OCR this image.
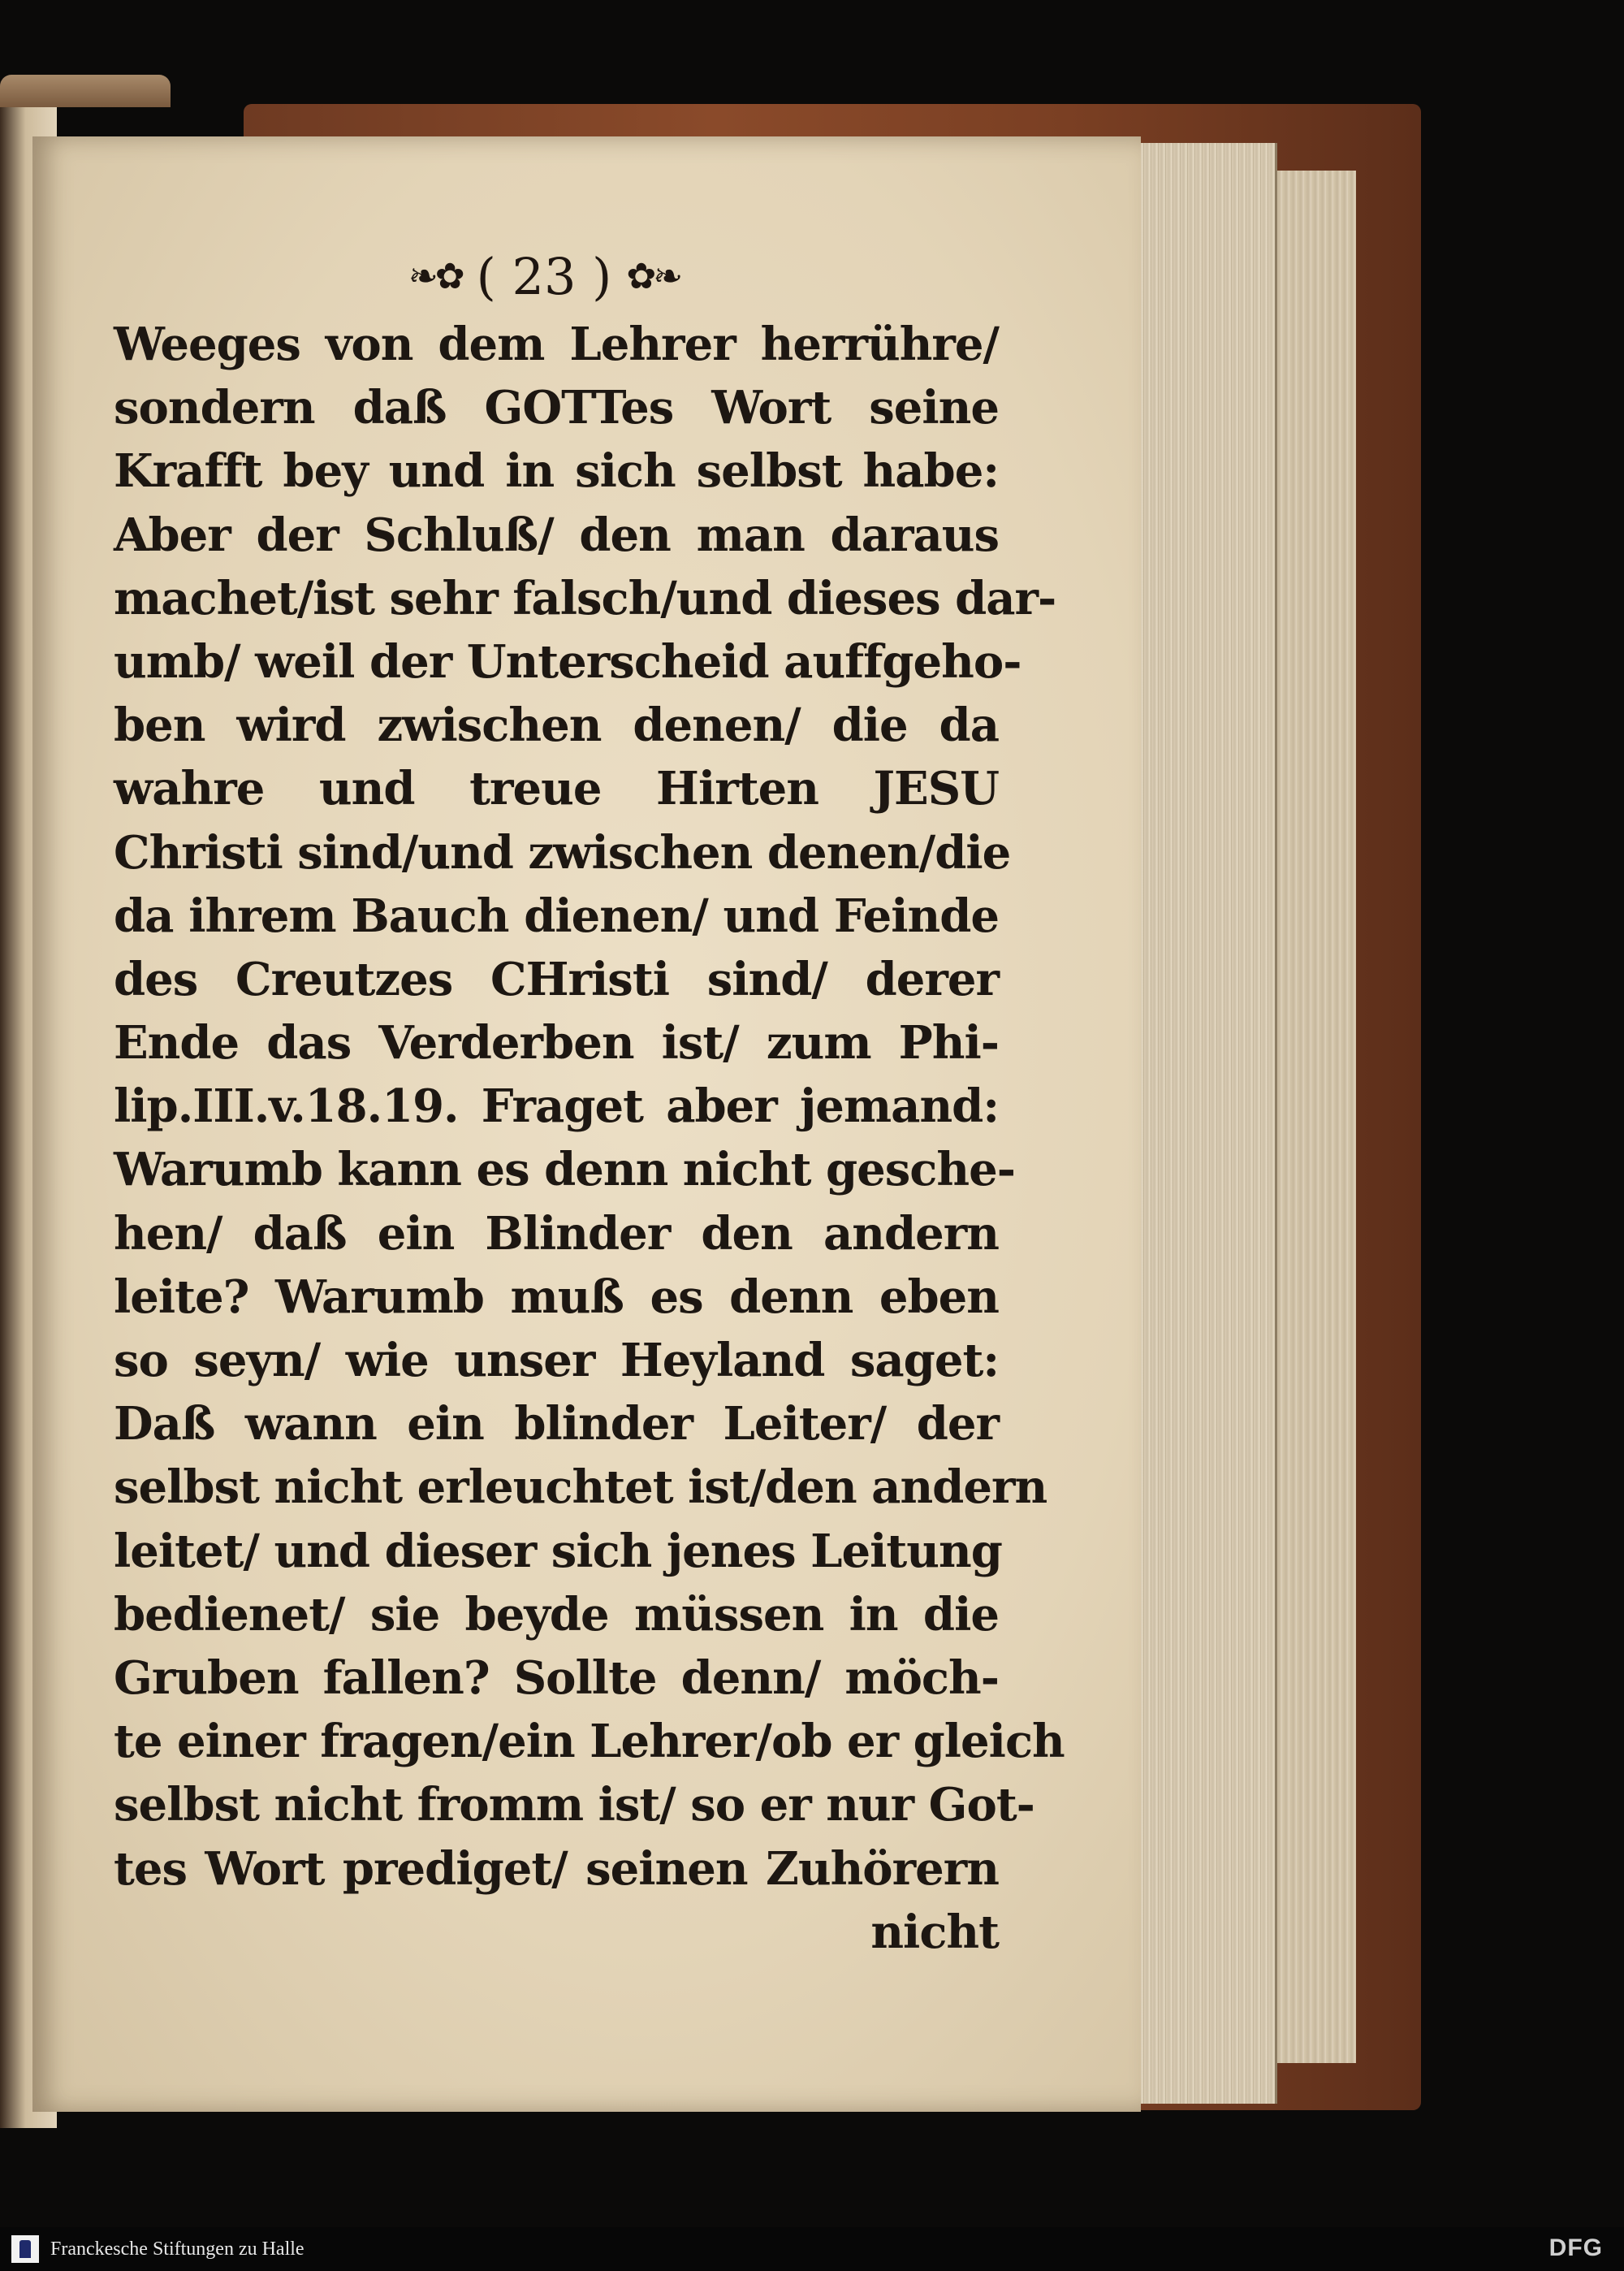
❧✿ ( 23 ) ✿❧
Weeges von dem Lehrer herrühre/
sondern daß GOTTes Wort seine
Krafft bey und in sich selbst habe:
Aber der Schluß/ den man daraus
machet/ist sehr falsch/und dieses dar-
umb/ weil der Unterscheid auffgeho-
ben wird zwischen denen/ die da
wahre und treue Hirten JESU
Christi sind/und zwischen denen/die
da ihrem Bauch dienen/ und Feinde
des Creutzes CHristi sind/ derer
Ende das Verderben ist/ zum Phi-
lip.III.v.18.19. Fraget aber jemand:
Warumb kann es denn nicht gesche-
hen/ daß ein Blinder den andern
leite? Warumb muß es denn eben
so seyn/ wie unser Heyland saget:
Daß wann ein blinder Leiter/ der
selbst nicht erleuchtet ist/den andern
leitet/ und dieser sich jenes Leitung
bedienet/ sie beyde müssen in die
Gruben fallen? Sollte denn/ möch-
te einer fragen/ein Lehrer/ob er gleich
selbst nicht fromm ist/ so er nur Got-
tes Wort prediget/ seinen Zuhörern
nicht
Franckesche Stiftungen zu Halle	DFG
